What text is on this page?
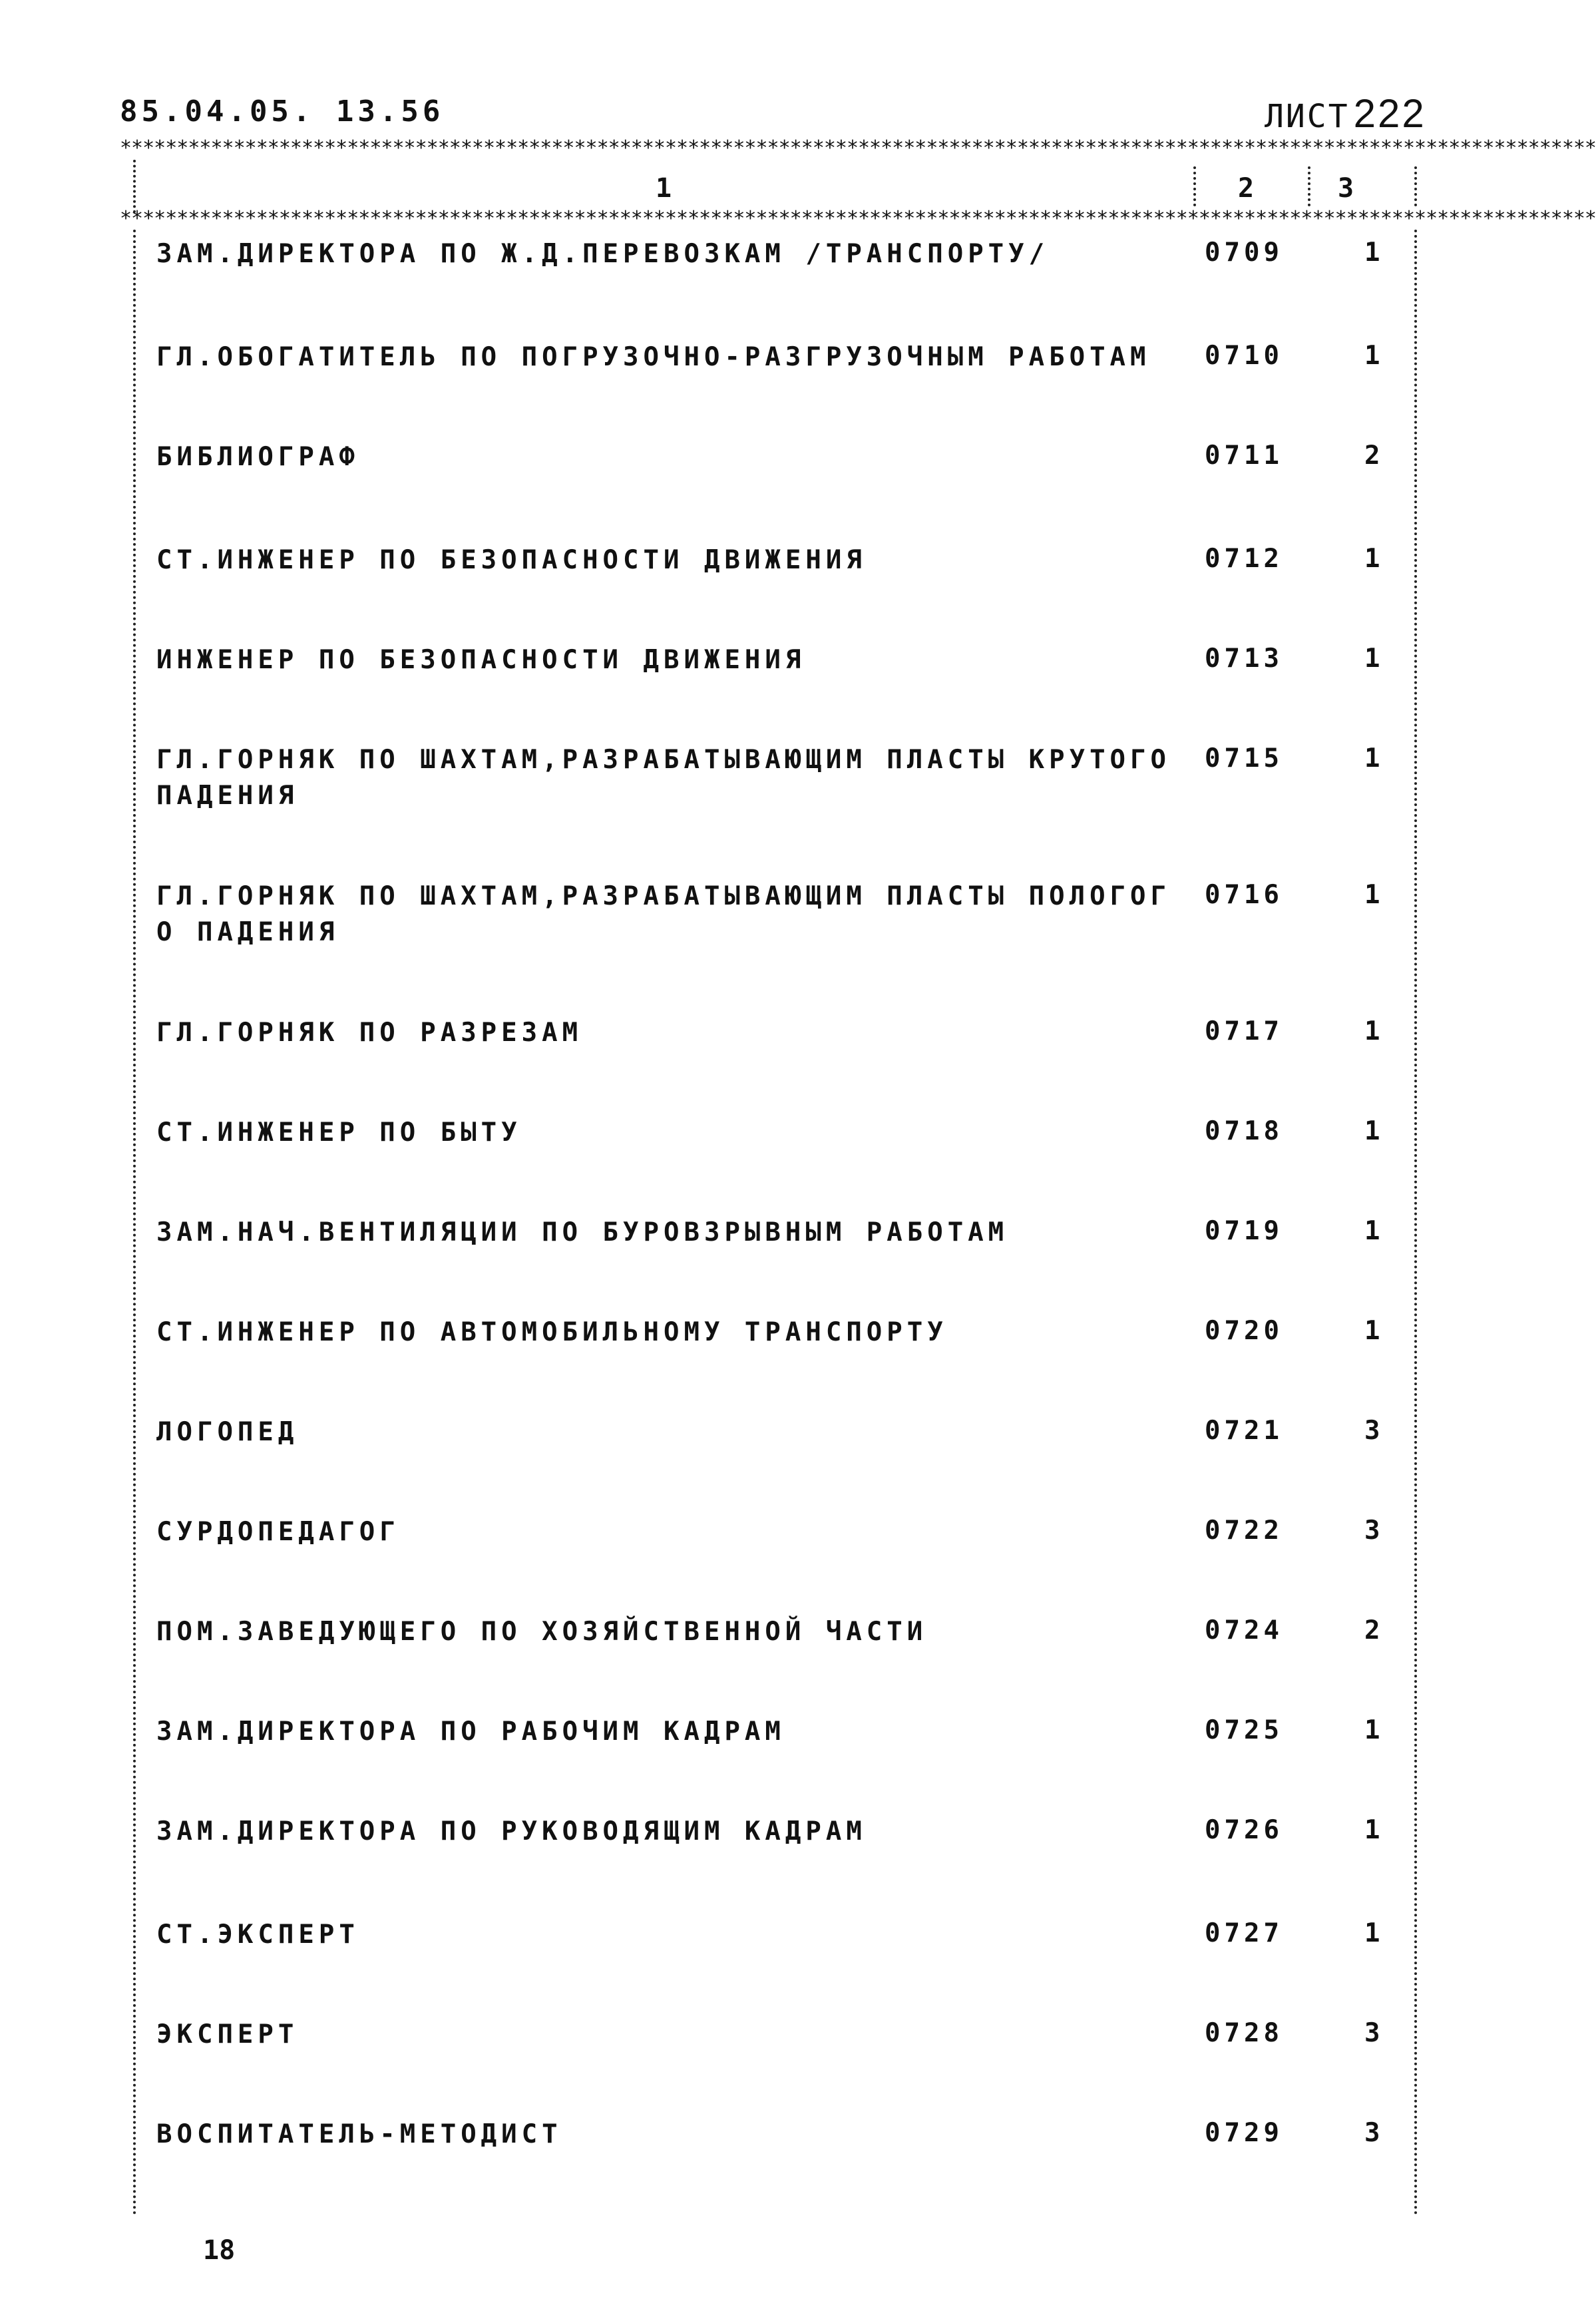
85.04.05. 13.56	ЛИСТ 222
**********************************************************************************************************************************
**********************************************************************************************************************************
1	2	3
ЗАМ.ДИРЕКТОРА ПО Ж.Д.ПЕРЕВОЗКАМ /ТРАНСПОРТУ/	0709	1
ГЛ.ОБОГАТИТЕЛЬ ПО ПОГРУЗОЧНО-РАЗГРУЗОЧНЫМ РАБОТАМ 0710	1
БИБЛИОГРАФ	0711	2
СТ.ИНЖЕНЕР ПО БЕЗОПАСНОСТИ ДВИЖЕНИЯ	0712	1
ИНЖЕНЕР ПО БЕЗОПАСНОСТИ ДВИЖЕНИЯ	0713	1
ГЛ.ГОРНЯК ПО ШАХТАМ,РАЗРАБАТЫВАЮЩИМ ПЛАСТЫ КРУТОГО
ПАДЕНИЯ
0715	1
ГЛ.ГОРНЯК ПО ШАХТАМ,РАЗРАБАТЫВАЮЩИМ ПЛАСТЫ ПОЛОГОГ
О ПАДЕНИЯ
0716	1
ГЛ.ГОРНЯК ПО РАЗРЕЗАМ	0717	1
СТ.ИНЖЕНЕР ПО БЫТУ	0718	1
ЗАМ.НАЧ.ВЕНТИЛЯЦИИ ПО БУРОВЗРЫВНЫМ РАБОТАМ	0719	1
СТ.ИНЖЕНЕР ПО АВТОМОБИЛЬНОМУ ТРАНСПОРТУ	0720	1
ЛОГОПЕД	0721	3
СУРДОПЕДАГОГ	0722	3
ПОМ.ЗАВЕДУЮЩЕГО ПО ХОЗЯЙСТВЕННОЙ ЧАСТИ	0724	2
ЗАМ.ДИРЕКТОРА ПО РАБОЧИМ КАДРАМ	0725	1
ЗАМ.ДИРЕКТОРА ПО РУКОВОДЯЩИМ КАДРАМ	0726	1
СТ.ЭКСПЕРТ	0727	1
ЭКСПЕРТ	0728	3
ВОСПИТАТЕЛЬ-МЕТОДИСТ	0729	3
18
